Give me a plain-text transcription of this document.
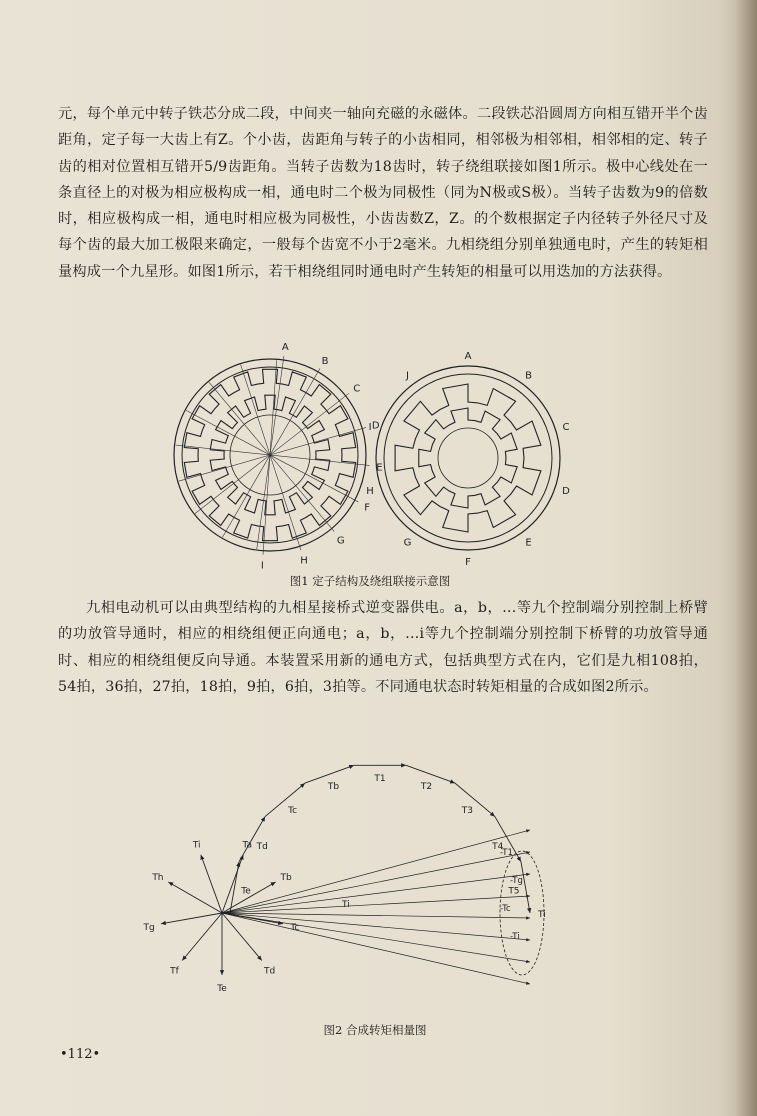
元，每个单元中转子铁芯分成二段，中间夹一轴向充磁的永磁体。二段铁芯沿圆周方向相互错开半个齿距角，定子每一大齿上有Z。个小齿，齿距角与转子的小齿相同，相邻极为相邻相，相邻相的定、转子齿的相对位置相互错开5/9齿距角。当转子齿数为18齿时，转子绕组联接如图1所示。极中心线处在一条直径上的对极为相应极构成一相，通电时二个极为同极性（同为N极或S极）。当转子齿数为9的倍数时，相应极构成一相，通电时相应极为同极性，小齿齿数Z，Z。的个数根据定子内径转子外径尺寸及每个齿的最大加工极限来确定，一般每个齿宽不小于2毫米。九相绕组分别单独通电时，产生的转矩相量构成一个九星形。如图1所示，若干相绕组同时通电时产生转矩的相量可以用迭加的方法获得。

A
B
C
D
E
F
G
H
I
A
B
C
D
E
F
G
H
I
J
图1 定子结构及绕组联接示意图

九相电动机可以由典型结构的九相星接桥式逆变器供电。a，b，…等九个控制端分别控制上桥臂的功放管导通时，相应的相绕组便正向通电；a，b，…i等九个控制端分别控制下桥臂的功放管导通时、相应的相绕组便反向导通。本装置采用新的通电方式，包括典型方式在内，它们是九相108拍，54拍，36拍，27拍，18拍，9拍，6拍，3拍等。不同通电状态时转矩相量的合成如图2所示。

Ta
Tb
Tc
Td
Te
Tf
Tg
Th
Ti
Te
Td
Tc
Tb
T1
T2
T3
T4
T5
-T1
-Tg
-Tc
-Ti
Ti
Ti
图2 合成转矩相量图
•112•
